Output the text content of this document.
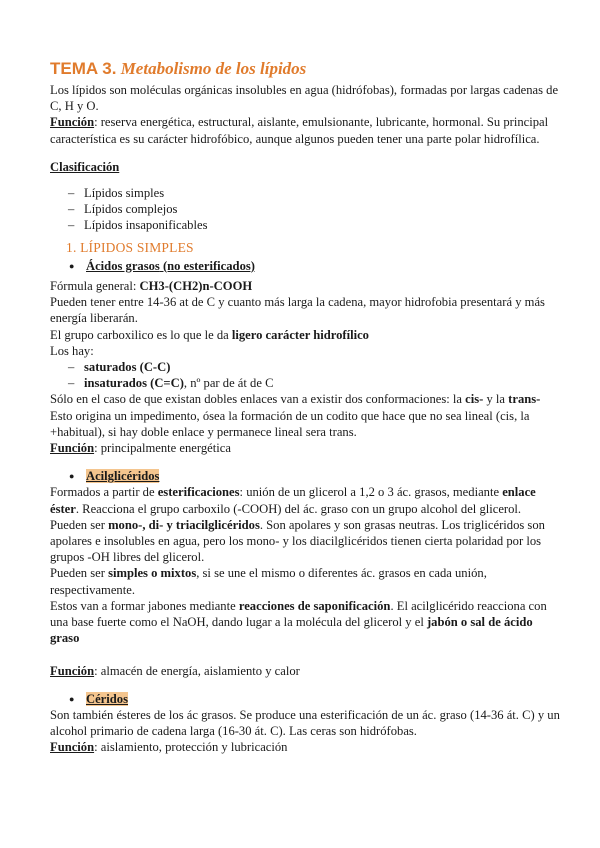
TEMA 3. Metabolismo de los lípidos

Los lípidos son moléculas orgánicas insolubles en agua (hidrófobas), formadas por largas cadenas de C, H y O.

Función: reserva energética, estructural, aislante, emulsionante, lubricante, hormonal. Su principal característica es su carácter hidrofóbico, aunque algunos pueden tener una parte polar hidrofílica.

Clasificación

– Lípidos simples
– Lípidos complejos
– Lípidos insaponificables

1. LÍPIDOS SIMPLES

● Ácidos grasos (no esterificados)

Fórmula general: CH3-(CH2)n-COOH

Pueden tener entre 14-36 at de C y cuanto más larga la cadena, mayor hidrofobia presentará y más energía liberarán.

El grupo carboxilico es lo que le da ligero carácter hidrofílico

Los hay:

– saturados (C-C)
– insaturados (C=C), nº par de át de C

Sólo en el caso de que existan dobles enlaces van a existir dos conformaciones: la cis- y la trans-

Esto origina un impedimento, ósea la formación de un codito que hace que no sea lineal (cis, la +habitual), si hay doble enlace y permanece lineal sera trans.

Función: principalmente energética

● Acilglicéridos

Formados a partir de esterificaciones: unión de un glicerol a 1,2 o 3 ác. grasos, mediante enlace éster. Reacciona el grupo carboxilo (-COOH) del ác. graso con un grupo alcohol del glicerol. Pueden ser mono-, di- y triacilglicéridos. Son apolares y son grasas neutras. Los triglicéridos son apolares e insolubles en agua, pero los mono- y los diacilglicéridos tienen cierta polaridad por los grupos -OH libres del glicerol.

Pueden ser simples o mixtos, si se une el mismo o diferentes ác. grasos en cada unión, respectivamente.

Estos van a formar jabones mediante reacciones de saponificación. El acilglicérido reacciona con una base fuerte como el NaOH, dando lugar a la molécula del glicerol y el jabón o sal de ácido graso

Función: almacén de energía, aislamiento y calor

● Céridos

Son también ésteres de los ác grasos. Se produce una esterificación de un ác. graso (14-36 át. C) y un alcohol primario de cadena larga (16-30 át. C). Las ceras son hidrófobas.

Función: aislamiento, protección y lubricación
